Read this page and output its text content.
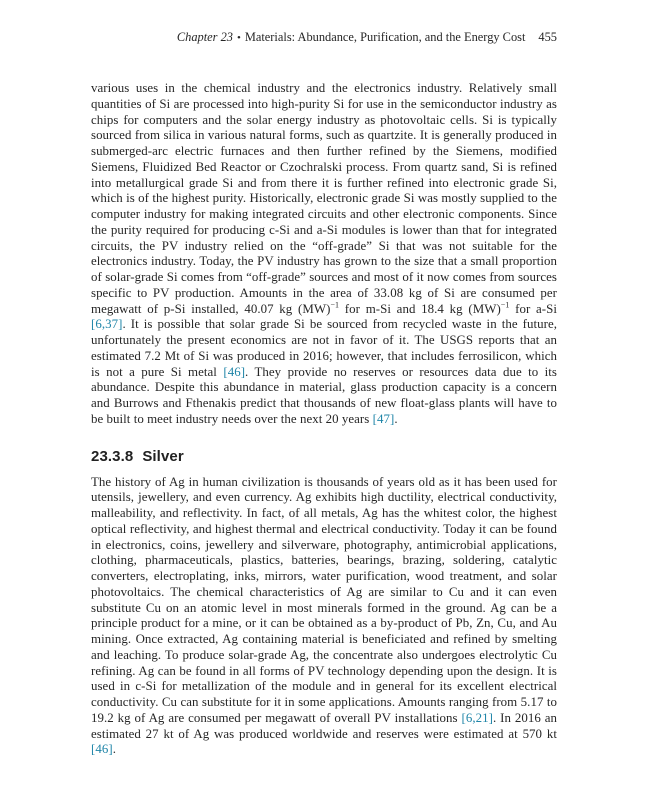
Chapter 23 • Materials: Abundance, Purification, and the Energy Cost 455

various uses in the chemical industry and the electronics industry. Relatively small quantities of Si are processed into high-purity Si for use in the semiconductor industry as chips for computers and the solar energy industry as photovoltaic cells. Si is typically sourced from silica in various natural forms, such as quartzite. It is generally produced in submerged-arc electric furnaces and then further refined by the Siemens, modified Siemens, Fluidized Bed Reactor or Czochralski process. From quartz sand, Si is refined into metallurgical grade Si and from there it is further refined into electronic grade Si, which is of the highest purity. Historically, electronic grade Si was mostly supplied to the computer industry for making integrated circuits and other electronic components. Since the purity required for producing c-Si and a-Si modules is lower than that for integrated circuits, the PV industry relied on the “off-grade” Si that was not suitable for the electronics industry. Today, the PV industry has grown to the size that a small proportion of solar-grade Si comes from “off-grade” sources and most of it now comes from sources specific to PV production. Amounts in the area of 33.08 kg of Si are consumed per megawatt of p-Si installed, 40.07 kg (MW)$^{-1}$ for m-Si and 18.4 kg (MW)$^{-1}$ for a-Si [6,37]. It is possible that solar grade Si be sourced from recycled waste in the future, unfortunately the present economics are not in favor of it. The USGS reports that an estimated 7.2 Mt of Si was produced in 2016; however, that includes ferrosilicon, which is not a pure Si metal [46]. They provide no reserves or resources data due to its abundance. Despite this abundance in material, glass production capacity is a concern and Burrows and Fthenakis predict that thousands of new float-glass plants will have to be built to meet industry needs over the next 20 years [47].

23.3.8 Silver

The history of Ag in human civilization is thousands of years old as it has been used for utensils, jewellery, and even currency. Ag exhibits high ductility, electrical conductivity, malleability, and reflectivity. In fact, of all metals, Ag has the whitest color, the highest optical reflectivity, and highest thermal and electrical conductivity. Today it can be found in electronics, coins, jewellery and silverware, photography, antimicrobial applications, clothing, pharmaceuticals, plastics, batteries, bearings, brazing, soldering, catalytic converters, electroplating, inks, mirrors, water purification, wood treatment, and solar photovoltaics. The chemical characteristics of Ag are similar to Cu and it can even substitute Cu on an atomic level in most minerals formed in the ground. Ag can be a principle product for a mine, or it can be obtained as a by-product of Pb, Zn, Cu, and Au mining. Once extracted, Ag containing material is beneficiated and refined by smelting and leaching. To produce solar-grade Ag, the concentrate also undergoes electrolytic Cu refining. Ag can be found in all forms of PV technology depending upon the design. It is used in c-Si for metallization of the module and in general for its excellent electrical conductivity. Cu can substitute for it in some applications. Amounts ranging from 5.17 to 19.2 kg of Ag are consumed per megawatt of overall PV installations [6,21]. In 2016 an estimated 27 kt of Ag was produced worldwide and reserves were estimated at 570 kt [46].
